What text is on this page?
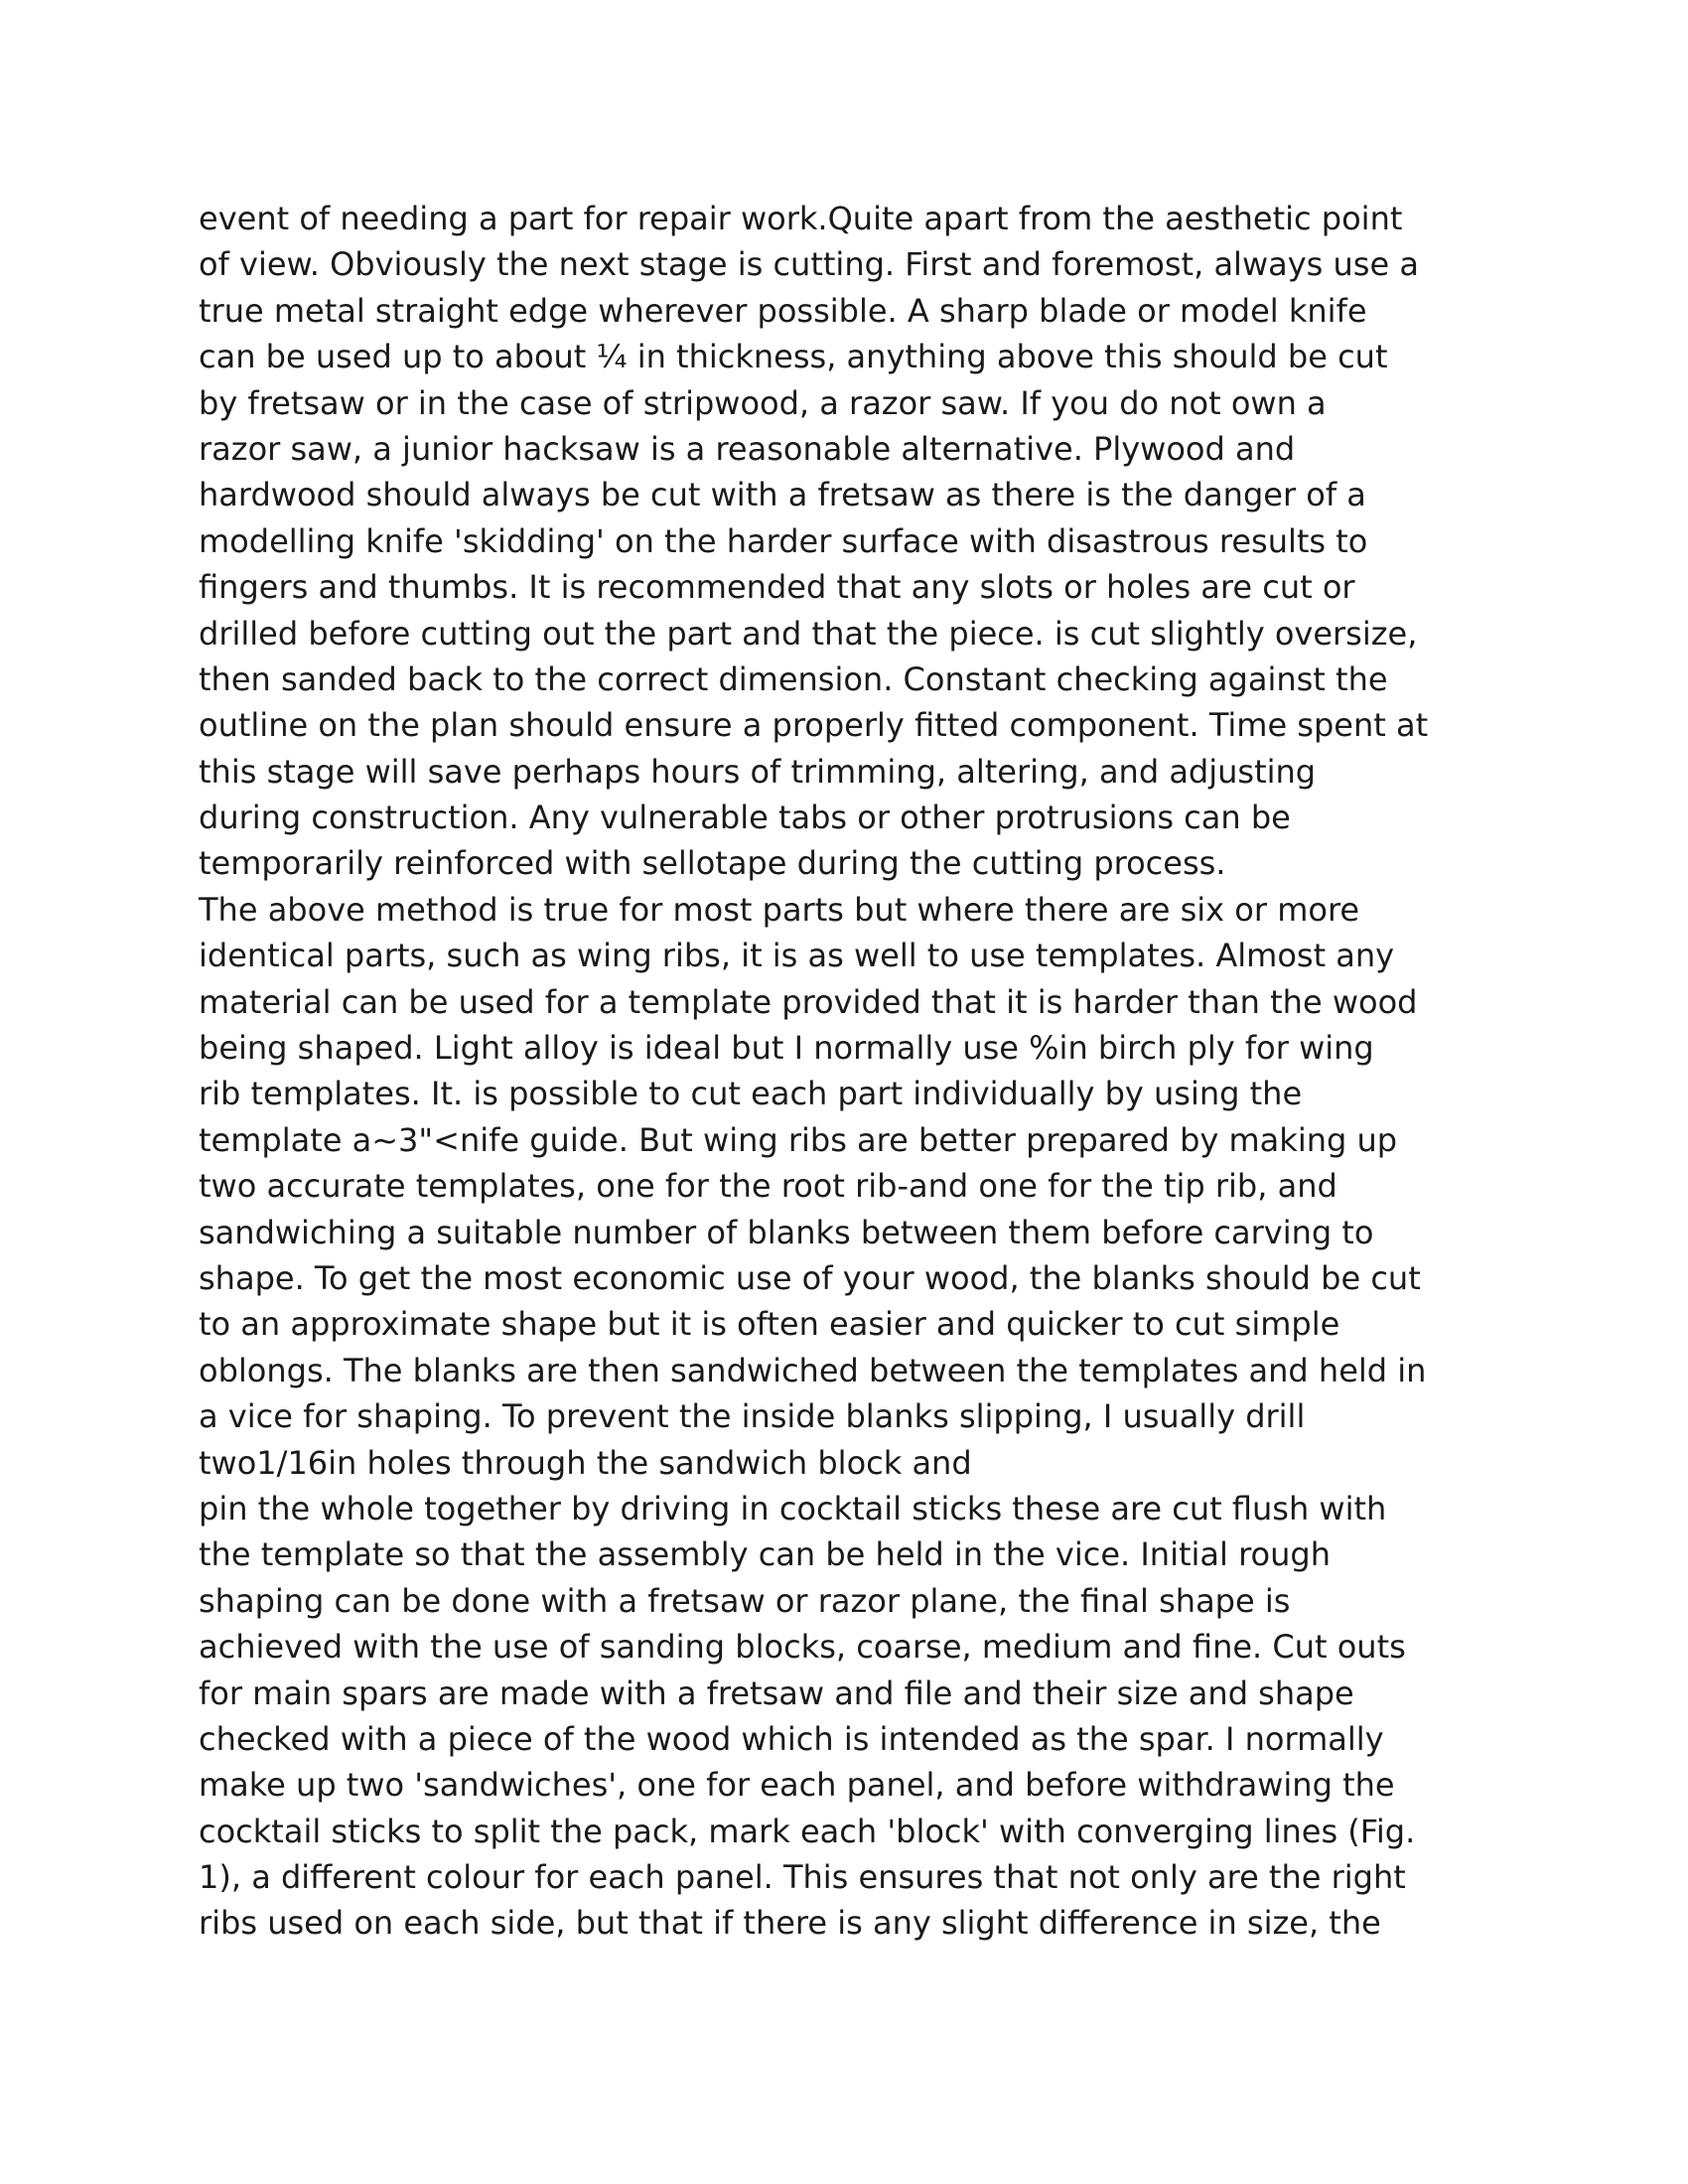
event of needing a part for repair work.Quite apart from the aesthetic point
of view. Obviously the next stage is cutting. First and foremost, always use a
true metal straight edge wherever possible. A sharp blade or model knife
can be used up to about ¼ in thickness, anything above this should be cut
by fretsaw or in the case of stripwood, a razor saw. If you do not own a
razor saw, a junior hacksaw is a reasonable alternative. Plywood and
hardwood should always be cut with a fretsaw as there is the danger of a
modelling knife 'skidding' on the harder surface with disastrous results to
fingers and thumbs. It is recommended that any slots or holes are cut or
drilled before cutting out the part and that the piece. is cut slightly oversize,
then sanded back to the correct dimension. Constant checking against the
outline on the plan should ensure a properly fitted component. Time spent at
this stage will save perhaps hours of trimming, altering, and adjusting
during construction. Any vulnerable tabs or other protrusions can be
temporarily reinforced with sellotape during the cutting process.
The above method is true for most parts but where there are six or more
identical parts, such as wing ribs, it is as well to use templates. Almost any
material can be used for a template provided that it is harder than the wood
being shaped. Light alloy is ideal but I normally use %in birch ply for wing
rib templates. It. is possible to cut each part individually by using the
template a~3"<nife guide. But wing ribs are better prepared by making up
two accurate templates, one for the root rib-and one for the tip rib, and
sandwiching a suitable number of blanks between them before carving to
shape. To get the most economic use of your wood, the blanks should be cut
to an approximate shape but it is often easier and quicker to cut simple
oblongs. The blanks are then sandwiched between the templates and held in
a vice for shaping. To prevent the inside blanks slipping, I usually drill
two1/16in holes through the sandwich block and
pin the whole together by driving in cocktail sticks these are cut flush with
the template so that the assembly can be held in the vice. Initial rough
shaping can be done with a fretsaw or razor plane, the final shape is
achieved with the use of sanding blocks, coarse, medium and fine. Cut outs
for main spars are made with a fretsaw and file and their size and shape
checked with a piece of the wood which is intended as the spar. I normally
make up two 'sandwiches', one for each panel, and before withdrawing the
cocktail sticks to split the pack, mark each 'block' with converging lines (Fig.
1), a different colour for each panel. This ensures that not only are the right
ribs used on each side, but that if there is any slight difference in size, the
